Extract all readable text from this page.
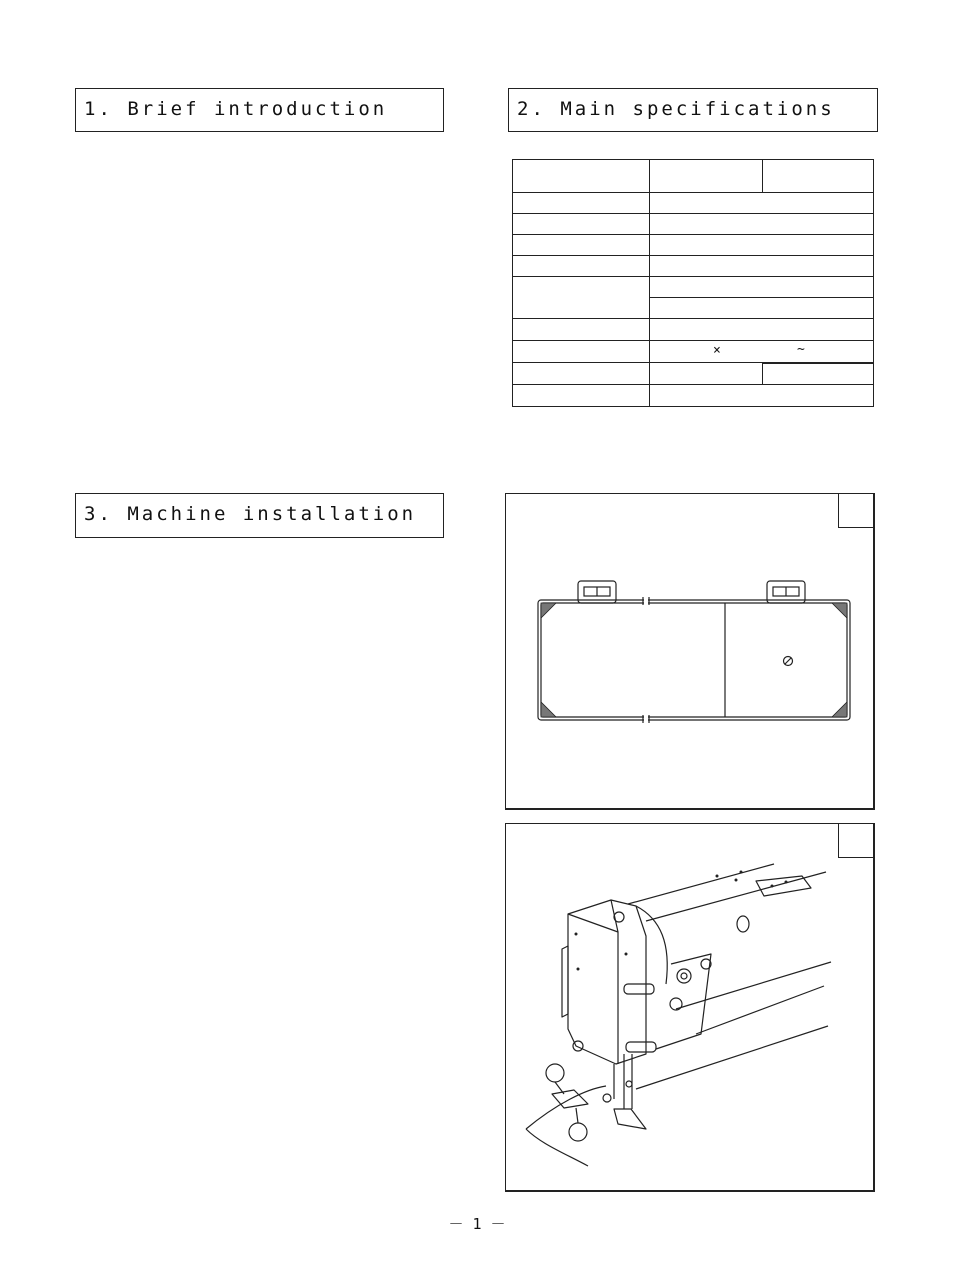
1. Brief introduction	2. Main specifications
3. Machine installation

	× ~	

－ 1 －
